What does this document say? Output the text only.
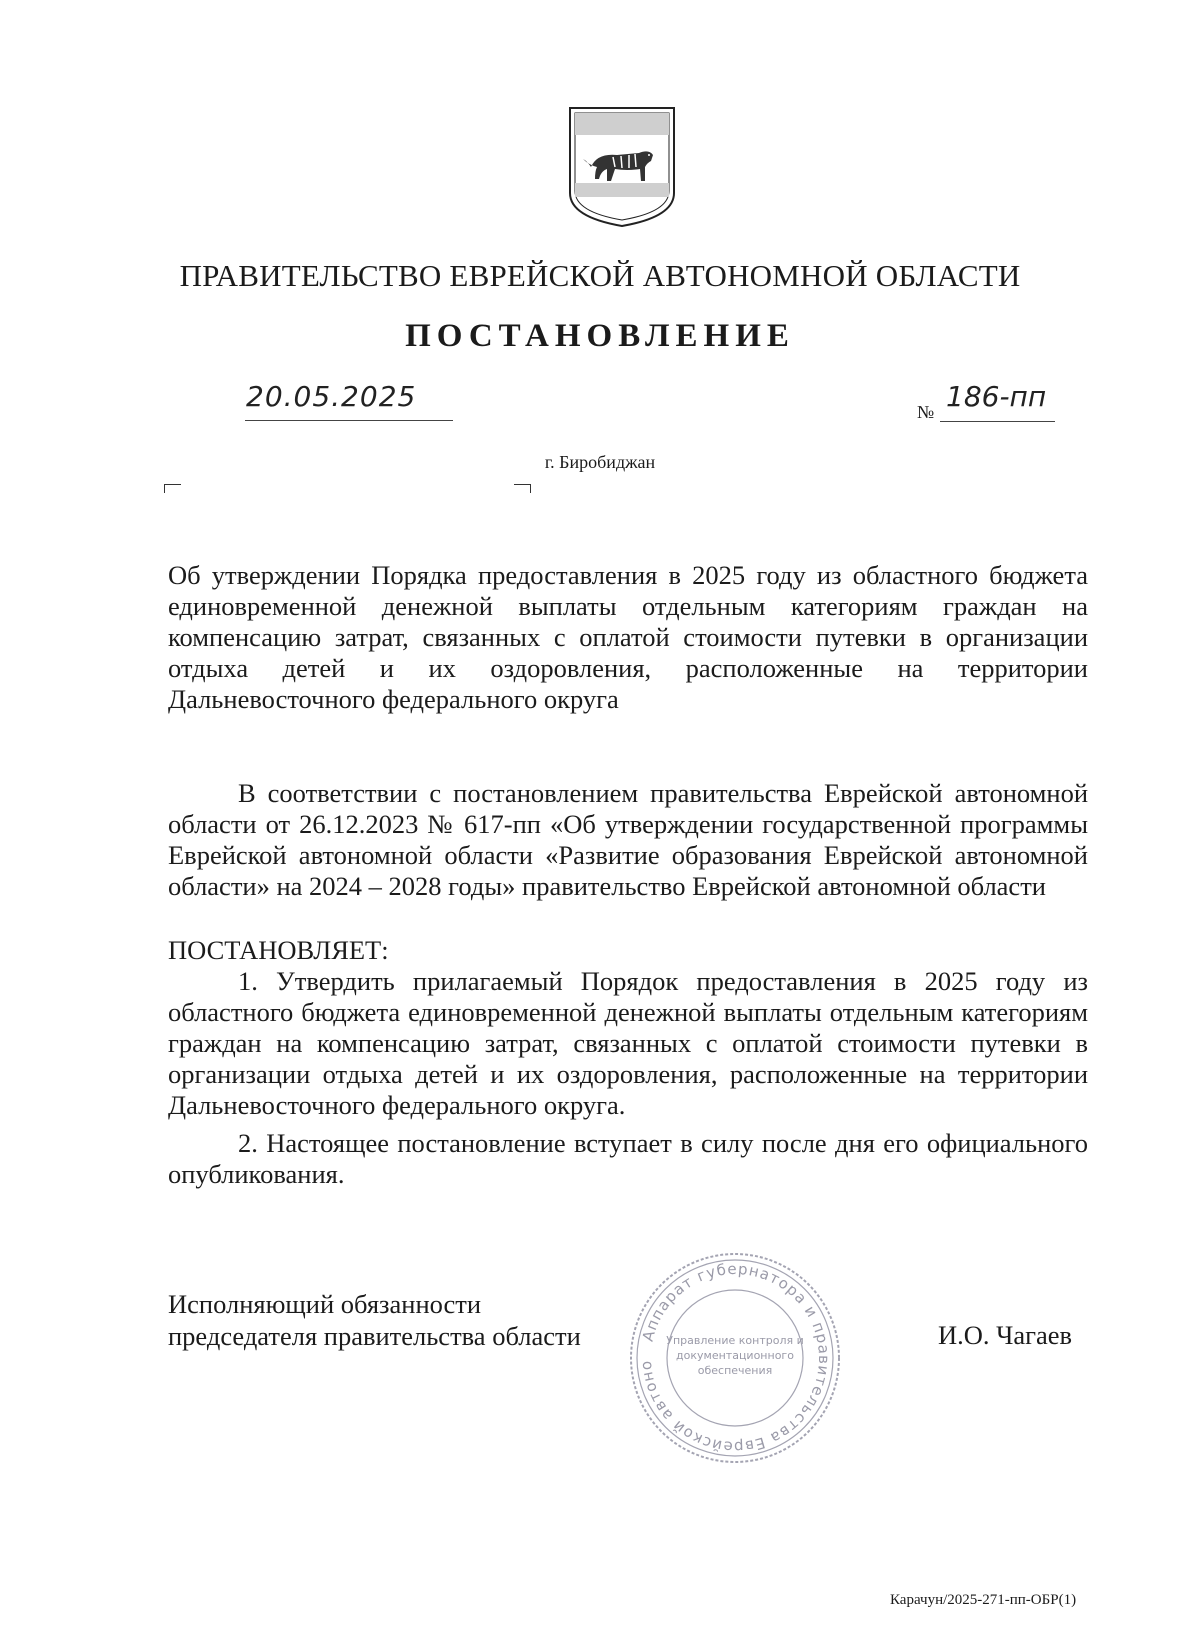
ПРАВИТЕЛЬСТВО ЕВРЕЙСКОЙ АВТОНОМНОЙ ОБЛАСТИ
ПОСТАНОВЛЕНИЕ
20.05.2025	№ 186-пп
г. Биробиджан
Об утверждении Порядка предоставления в 2025 году из областного бюджета единовременной денежной выплаты отдельным категориям граждан на компенсацию затрат, связанных с оплатой стоимости путевки в организации отдыха детей и их оздоровления, расположенные на территории Дальневосточного федерального округа
В соответствии с постановлением правительства Еврейской автономной области от 26.12.2023 № 617-пп «Об утверждении государственной программы Еврейской автономной области «Развитие образования Еврейской автономной области» на 2024 – 2028 годы» правительство Еврейской автономной области
ПОСТАНОВЛЯЕТ:
1. Утвердить прилагаемый Порядок предоставления в 2025 году из областного бюджета единовременной денежной выплаты отдельным категориям граждан на компенсацию затрат, связанных с оплатой стоимости путевки в организации отдыха детей и их оздоровления, расположенные на территории Дальневосточного федерального округа.
2. Настоящее постановление вступает в силу после дня его официального опубликования.
Исполняющий обязанности
председателя правительства области	И.О. Чагаев
Аппарат губернатора и правительства Еврейской автоно
Управление контроля и
документационного
обеспечения
Карачун/2025-271-пп-ОБР(1)
